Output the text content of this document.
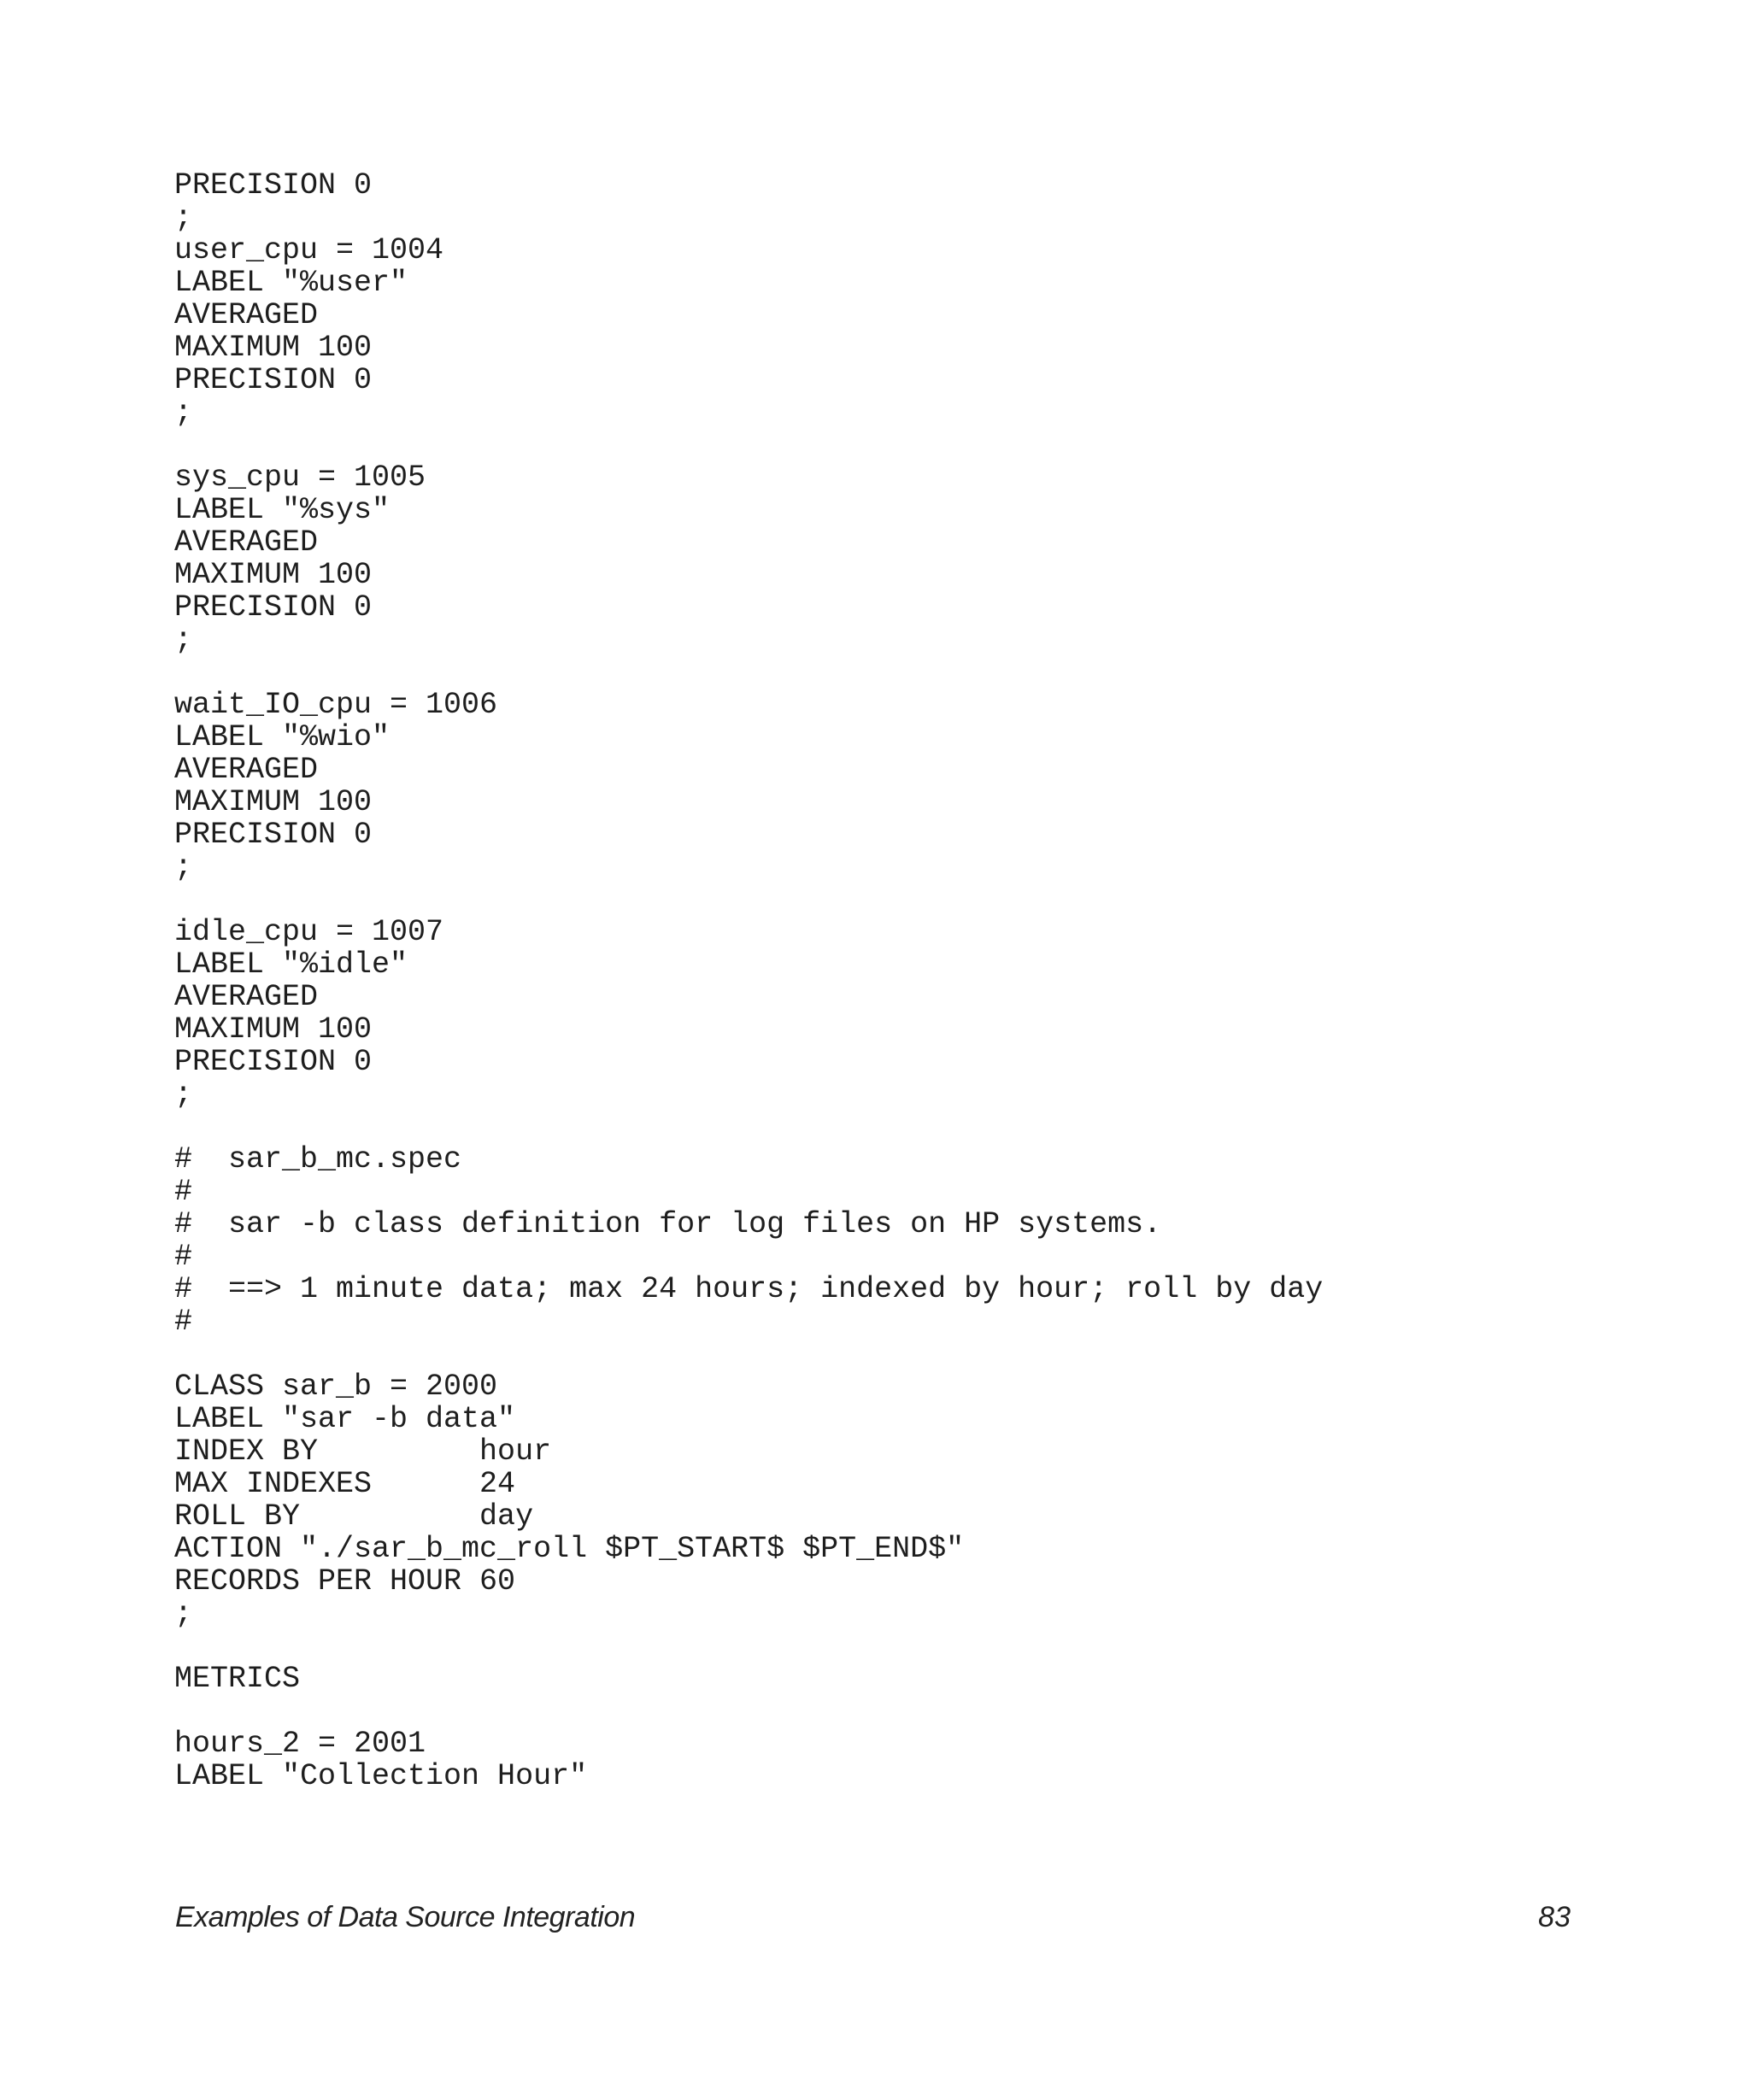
PRECISION 0
;
user_cpu = 1004
LABEL "%user"
AVERAGED
MAXIMUM 100
PRECISION 0
;
sys_cpu = 1005
LABEL "%sys"
AVERAGED
MAXIMUM 100
PRECISION 0
;
wait_IO_cpu = 1006
LABEL "%wio"
AVERAGED
MAXIMUM 100
PRECISION 0
;
idle_cpu = 1007
LABEL "%idle"
AVERAGED
MAXIMUM 100
PRECISION 0
;
#  sar_b_mc.spec
#
#  sar -b class definition for log files on HP systems.
#
#  ==> 1 minute data; max 24 hours; indexed by hour; roll by day
#
CLASS sar_b = 2000
LABEL "sar -b data"
INDEX BY         hour
MAX INDEXES      24
ROLL BY          day
ACTION "./sar_b_mc_roll $PT_START$ $PT_END$"
RECORDS PER HOUR 60
;
METRICS
hours_2 = 2001
LABEL "Collection Hour"
Examples of Data Source Integration	83
